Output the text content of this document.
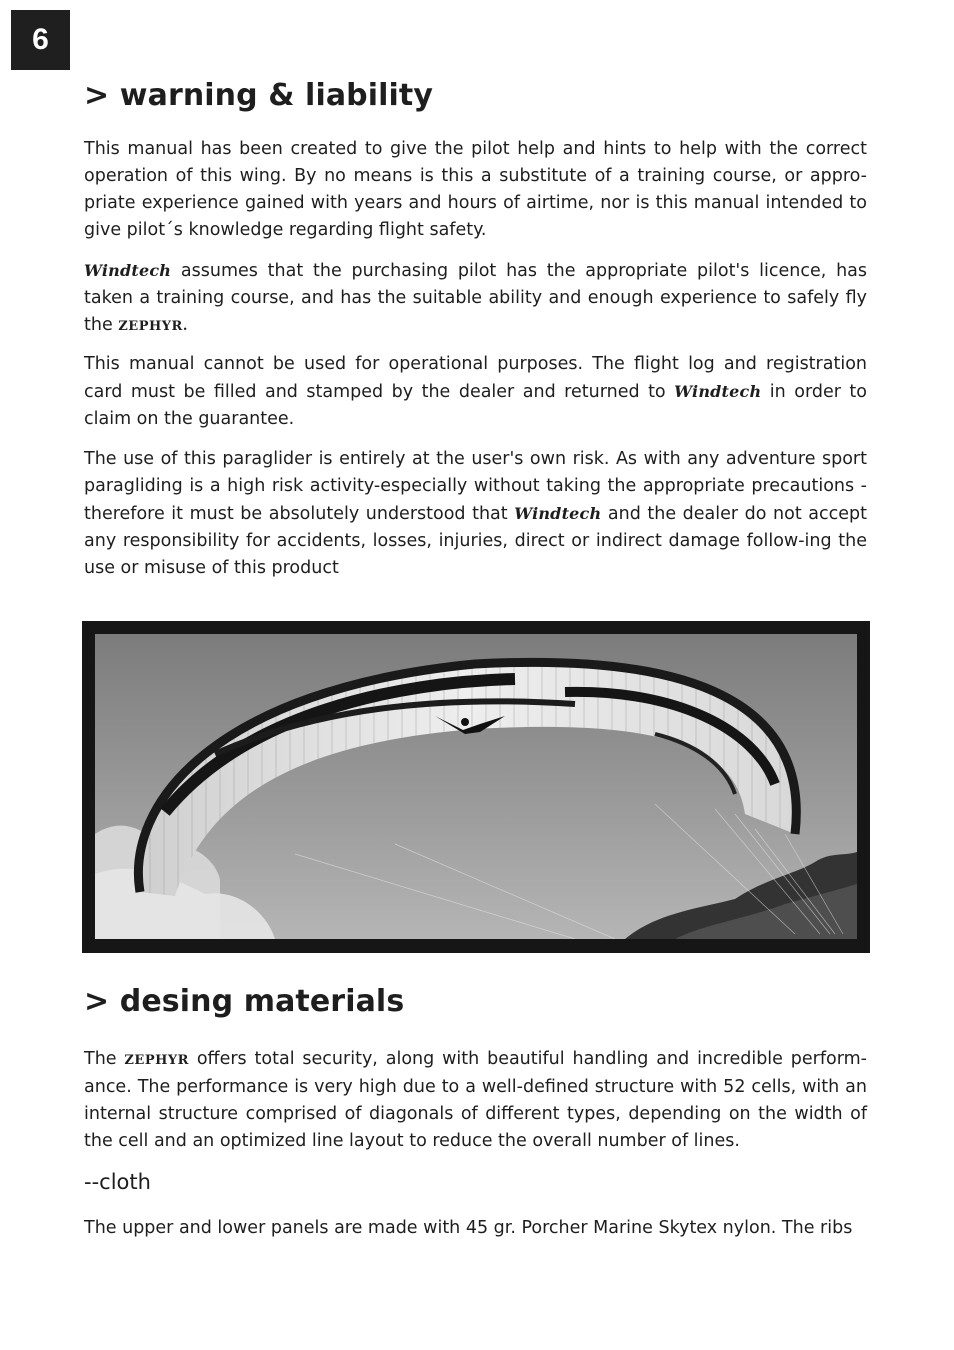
6
> warning & liability

This manual has been created to give the pilot help and hints to help with the correct operation of this wing. By no means is this a substitute of a training course, or appro-priate experience gained with years and hours of airtime, nor is this manual intended to give pilot´s knowledge regarding flight safety.

Windtech assumes that the purchasing pilot has the appropriate pilot's licence, has taken a training course, and has the suitable ability and enough experience to safely fly the ZEPHYR.

This manual cannot be used for operational purposes. The flight log and registration card must be filled and stamped by the dealer and returned to Windtech in order to claim on the guarantee.

The use of this paraglider is entirely at the user's own risk. As with any adventure sport paragliding is a high risk activity-especially without taking the appropriate precautions - therefore it must be absolutely understood that Windtech and the dealer do not accept any responsibility for accidents, losses, injuries, direct or indirect damage follow-ing the use or misuse of this product

> desing materials

The ZEPHYR offers total security, along with beautiful handling and incredible perform-ance. The performance is very high due to a well-defined structure with 52 cells, with an internal structure comprised of diagonals of different types, depending on the width of the cell and an optimized line layout to reduce the overall number of lines.

--cloth

The upper and lower panels are made with 45 gr. Porcher Marine Skytex nylon. The ribs
